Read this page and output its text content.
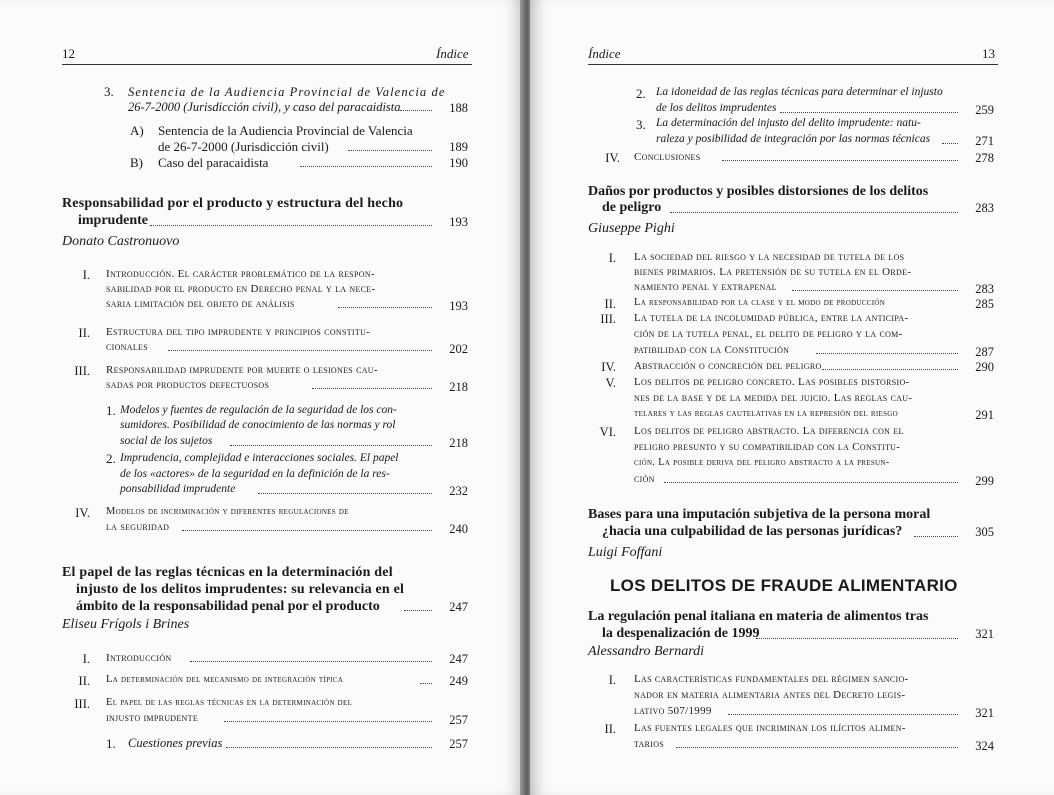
12	Índice
3. Sentencia de la Audiencia Provincial de Valencia de
26-7-2000 (Jurisdicción civil), y caso del paracaidista	188
A) Sentencia de la Audiencia Provincial de Valencia
de 26-7-2000 (Jurisdicción civil)	189
B) Caso del paracaidista	190
Responsabilidad por el producto y estructura del hecho
imprudente	193
Donato Castronuovo
I. Introducción. El carácter problemático de la respon-
sabilidad por el producto en Derecho penal y la nece-
saria limitación del objeto de análisis	193
II. Estructura del tipo imprudente y principios constitu-
cionales	202
III. Responsabilidad imprudente por muerte o lesiones cau-
sadas por productos defectuosos	218
1. Modelos y fuentes de regulación de la seguridad de los con-
sumidores. Posibilidad de conocimiento de las normas y rol
social de los sujetos	218
2. Imprudencia, complejidad e interacciones sociales. El papel
de los «actores» de la seguridad en la definición de la res-
ponsabilidad imprudente	232
IV. Modelos de incriminación y diferentes regulaciones de
la seguridad	240
El papel de las reglas técnicas en la determinación del
injusto de los delitos imprudentes: su relevancia en el
ámbito de la responsabilidad penal por el producto	247
Eliseu Frígols i Brines
I. Introducción	247
II. La determinación del mecanismo de integración típica	249
III. El papel de las reglas técnicas en la determinación del
injusto imprudente	257
1. Cuestiones previas	257
Índice	13
2. La idoneidad de las reglas técnicas para determinar el injusto
de los delitos imprudentes	259
3. La determinación del injusto del delito imprudente: natu-
raleza y posibilidad de integración por las normas técnicas	271
IV. Conclusiones	278
Daños por productos y posibles distorsiones de los delitos
de peligro	283
Giuseppe Pighi
I. La sociedad del riesgo y la necesidad de tutela de los
bienes primarios. La pretensión de su tutela en el Orde-
namiento penal y extrapenal	283
II. La responsabilidad por la clase y el modo de producción	285
III. La tutela de la incolumidad pública, entre la anticipa-
ción de la tutela penal, el delito de peligro y la com-
patibilidad con la Constitución	287
IV. Abstracción o concreción del peligro	290
V. Los delitos de peligro concreto. Las posibles distorsio-
nes de la base y de la medida del juicio. Las reglas cau-
telares y las reglas cautelativas en la represión del riesgo	291
VI. Los delitos de peligro abstracto. La diferencia con el
peligro presunto y su compatibilidad con la Constitu-
ción. La posible deriva del peligro abstracto a la presun-
ción	299
Bases para una imputación subjetiva de la persona moral
¿hacia una culpabilidad de las personas jurídicas?	305
Luigi Foffani
LOS DELITOS DE FRAUDE ALIMENTARIO
La regulación penal italiana en materia de alimentos tras
la despenalización de 1999	321
Alessandro Bernardi
I. Las características fundamentales del régimen sancio-
nador en materia alimentaria antes del Decreto legis-
lativo 507/1999	321
II. Las fuentes legales que incriminan los ilícitos alimen-
tarios	324
